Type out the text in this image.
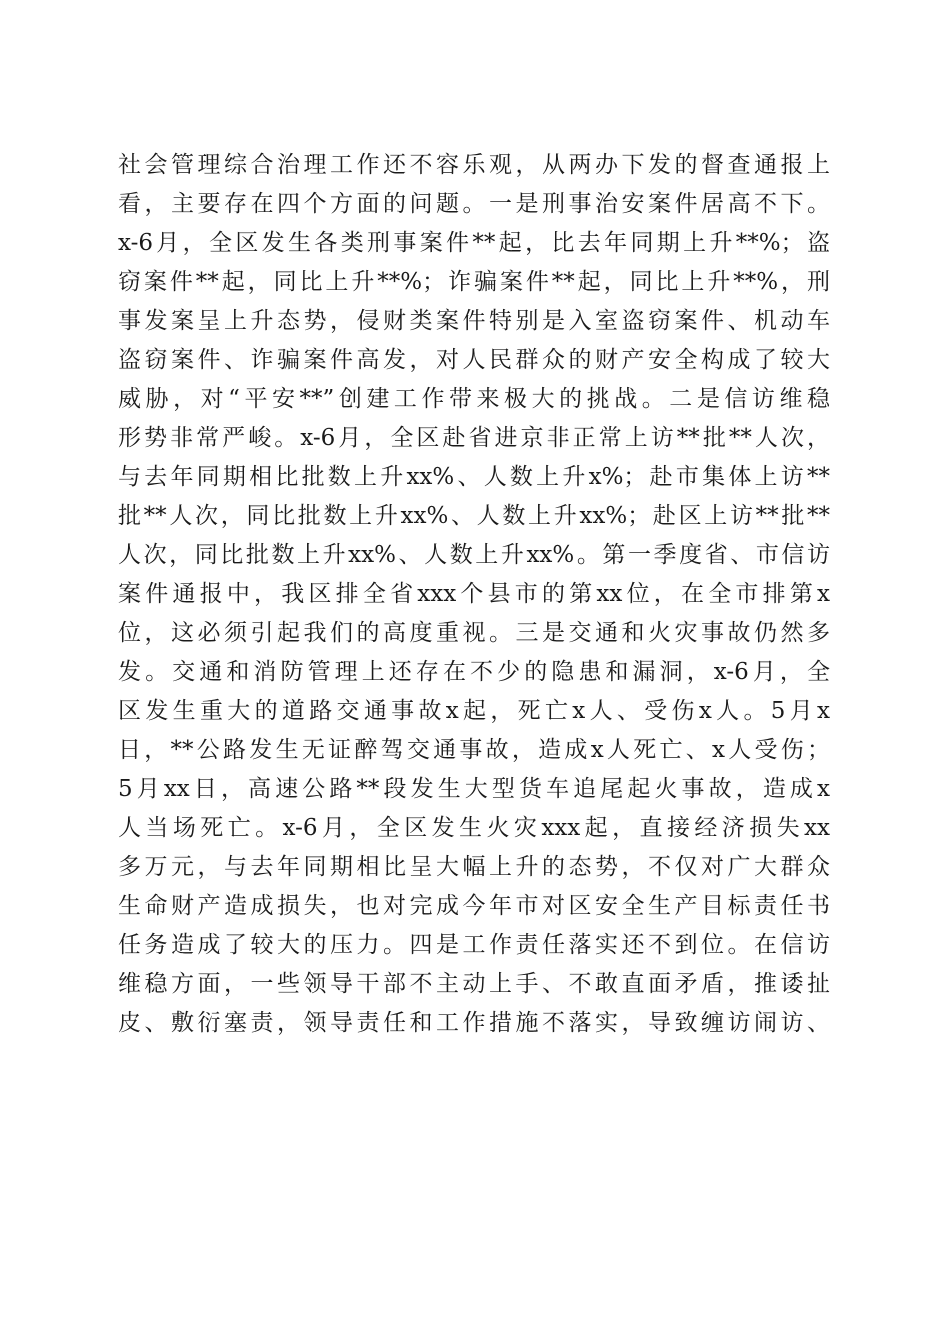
社会管理综合治理工作还不容乐观，从两办下发的督查通报上
看，主要存在四个方面的问题。一是刑事治安案件居高不下。
x-6月，全区发生各类刑事案件**起，比去年同期上升**%；盗
窃案件**起，同比上升**%；诈骗案件**起，同比上升**%，刑
事发案呈上升态势，侵财类案件特别是入室盗窃案件、机动车
盗窃案件、诈骗案件高发，对人民群众的财产安全构成了较大
威胁，对“平安**”创建工作带来极大的挑战。二是信访维稳
形势非常严峻。x-6月，全区赴省进京非正常上访**批**人次，
与去年同期相比批数上升xx%、人数上升x%；赴市集体上访**
批**人次，同比批数上升xx%、人数上升xx%；赴区上访**批**
人次，同比批数上升xx%、人数上升xx%。第一季度省、市信访
案件通报中，我区排全省xxx个县市的第xx位，在全市排第x
位，这必须引起我们的高度重视。三是交通和火灾事故仍然多
发。交通和消防管理上还存在不少的隐患和漏洞，x-6月，全
区发生重大的道路交通事故x起，死亡x人、受伤x人。5月x
日，**公路发生无证醉驾交通事故，造成x人死亡、x人受伤；
5月xx日，高速公路**段发生大型货车追尾起火事故，造成x
人当场死亡。x-6月，全区发生火灾xxx起，直接经济损失xx
多万元，与去年同期相比呈大幅上升的态势，不仅对广大群众
生命财产造成损失，也对完成今年市对区安全生产目标责任书
任务造成了较大的压力。四是工作责任落实还不到位。在信访
维稳方面，一些领导干部不主动上手、不敢直面矛盾，推诿扯
皮、敷衍塞责，领导责任和工作措施不落实，导致缠访闹访、
